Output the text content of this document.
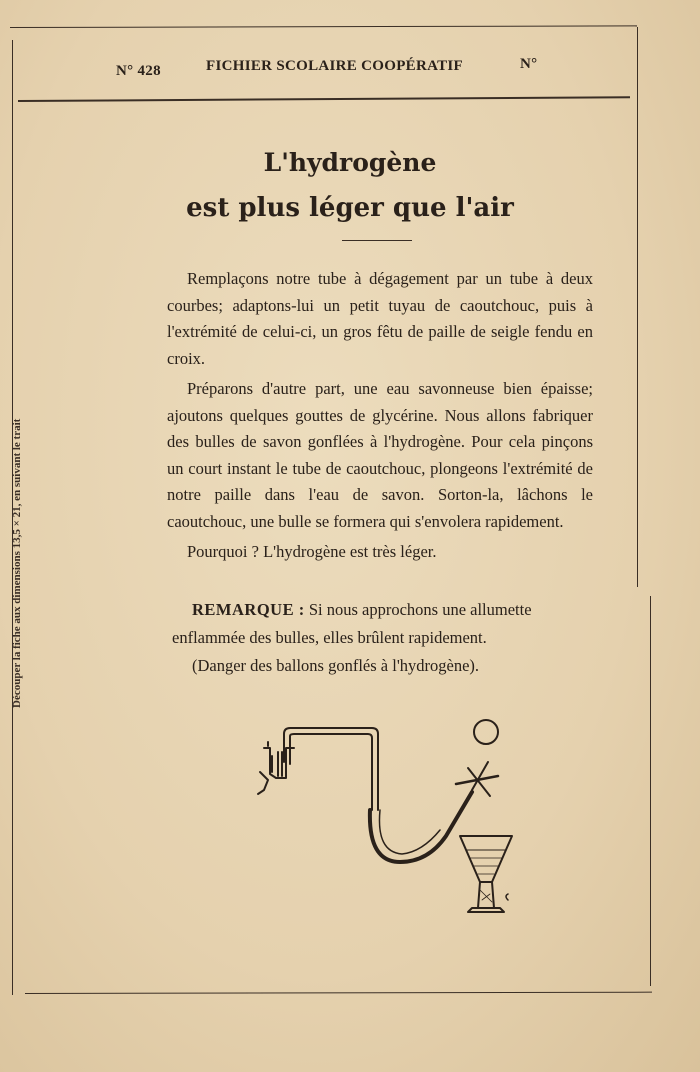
N° 428	FICHIER SCOLAIRE COOPÉRATIF	N°
Découper la fiche aux dimensions 13,5 × 21, en suivant le trait
L'hydrogène
est plus léger que l'air

Remplaçons notre tube à dégagement par un tube à deux courbes; adaptons-lui un petit tuyau de caoutchouc, puis à l'extrémité de celui-ci, un gros fêtu de paille de seigle fendu en croix.

Préparons d'autre part, une eau savonneuse bien épaisse; ajoutons quelques gouttes de glycérine. Nous allons fabriquer des bulles de savon gonflées à l'hydrogène. Pour cela pinçons un court instant le tube de caoutchouc, plongeons l'extrémité de notre paille dans l'eau de savon. Sorton-la, lâchons le caoutchouc, une bulle se formera qui s'envolera rapidement.

Pourquoi ? L'hydrogène est très léger.

REMARQUE : Si nous approchons une allumette enflammée des bulles, elles brûlent rapidement.

(Danger des ballons gonflés à l'hydrogène).
